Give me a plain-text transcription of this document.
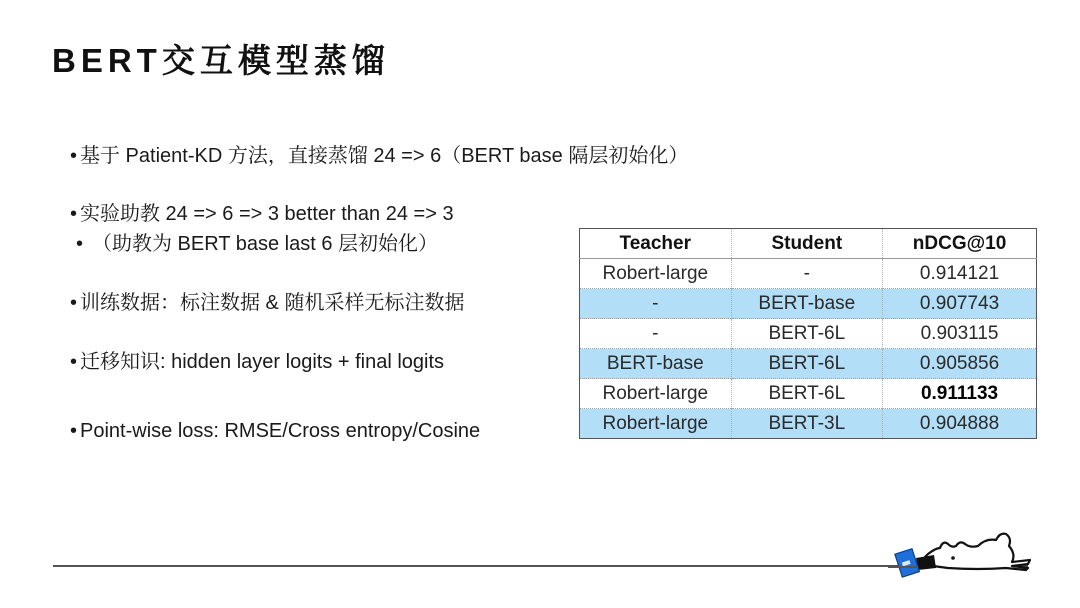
BERT交互模型蒸馏
• 基于 Patient-KD 方法，直接蒸馏 24 => 6（BERT base 隔层初始化）
• 实验助教 24 => 6 => 3 better than 24 => 3
• （助教为 BERT base last 6 层初始化）
• 训练数据：标注数据 & 随机采样无标注数据
• 迁移知识: hidden layer logits + final logits
• Point-wise loss: RMSE/Cross entropy/Cosine
Teacher	Student	nDCG@10
Robert-large	-	0.914121
-	BERT-base	0.907743
-	BERT-6L	0.903115
BERT-base	BERT-6L	0.905856
Robert-large	BERT-6L	0.911133
Robert-large	BERT-3L	0.904888
